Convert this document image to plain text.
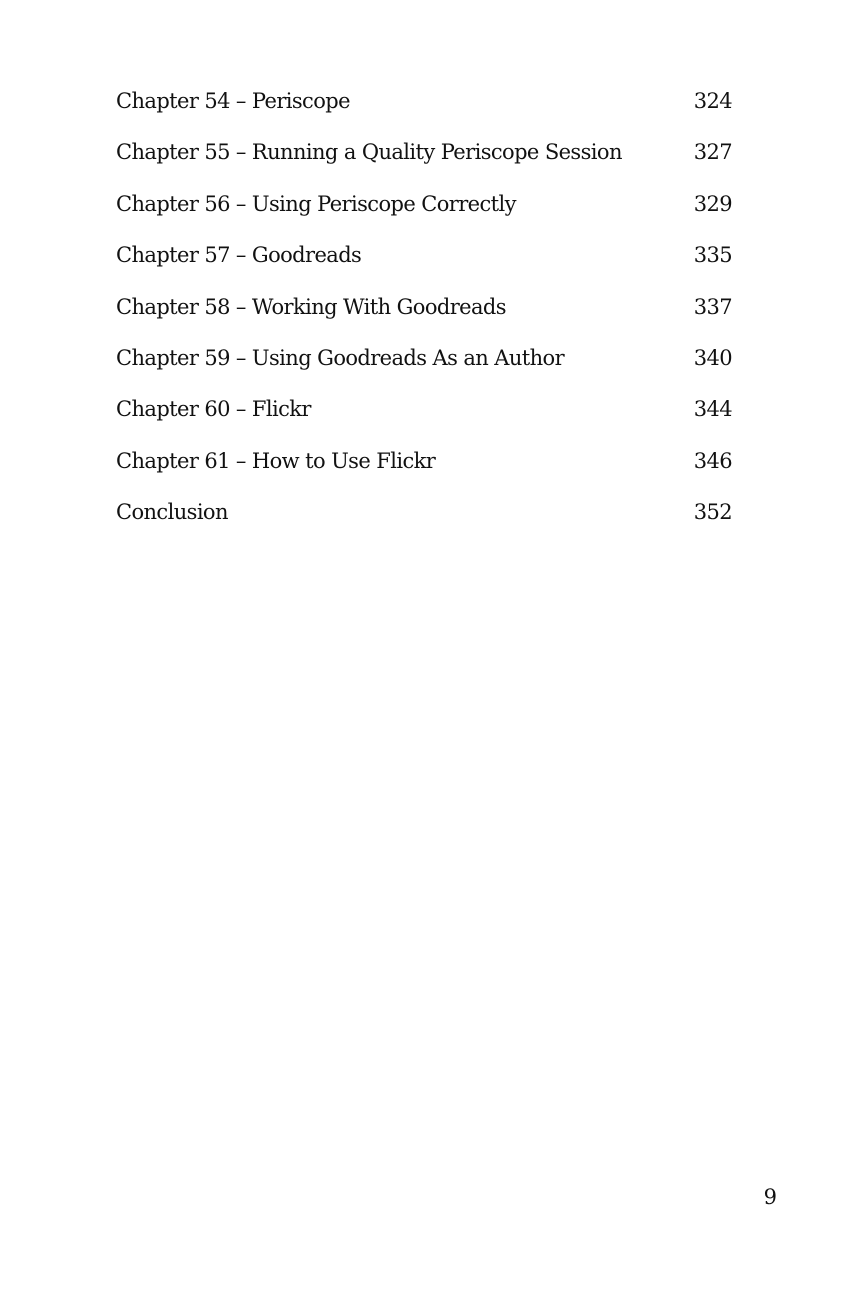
Chapter 54 – Periscope	324
Chapter 55 – Running a Quality Periscope Session	327
Chapter 56 – Using Periscope Correctly	329
Chapter 57 – Goodreads	335
Chapter 58 – Working With Goodreads	337
Chapter 59 – Using Goodreads As an Author	340
Chapter 60 – Flickr	344
Chapter 61 – How to Use Flickr	346
Conclusion	352
9
